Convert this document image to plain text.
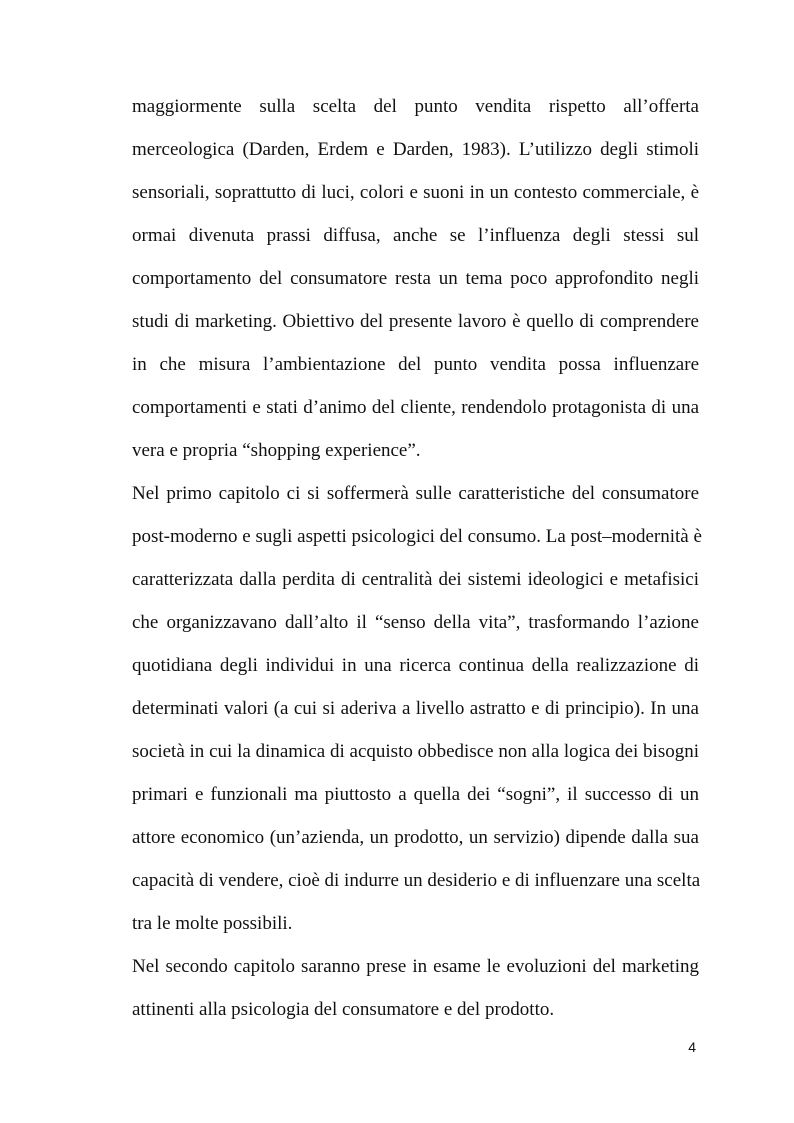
maggiormente sulla scelta del punto vendita rispetto all’offerta
merceologica (Darden, Erdem e Darden, 1983). L’utilizzo degli stimoli
sensoriali, soprattutto di luci, colori e suoni in un contesto commerciale, è
ormai divenuta prassi diffusa, anche se l’influenza degli stessi sul
comportamento del consumatore resta un tema poco approfondito negli
studi di marketing. Obiettivo del presente lavoro è quello di comprendere
in che misura l’ambientazione del punto vendita possa influenzare
comportamenti e stati d’animo del cliente, rendendolo protagonista di una
vera e propria “shopping experience”.
Nel primo capitolo ci si soffermerà sulle caratteristiche del consumatore
post-moderno e sugli aspetti psicologici del consumo. La post–modernità è
caratterizzata dalla perdita di centralità dei sistemi ideologici e metafisici
che organizzavano dall’alto il “senso della vita”, trasformando l’azione
quotidiana degli individui in una ricerca continua della realizzazione di
determinati valori (a cui si aderiva a livello astratto e di principio). In una
società in cui la dinamica di acquisto obbedisce non alla logica dei bisogni
primari e funzionali ma piuttosto a quella dei “sogni”, il successo di un
attore economico (un’azienda, un prodotto, un servizio) dipende dalla sua
capacità di vendere, cioè di indurre un desiderio e di influenzare una scelta
tra le molte possibili.
Nel secondo capitolo saranno prese in esame le evoluzioni del marketing
attinenti alla psicologia del consumatore e del prodotto.
4
